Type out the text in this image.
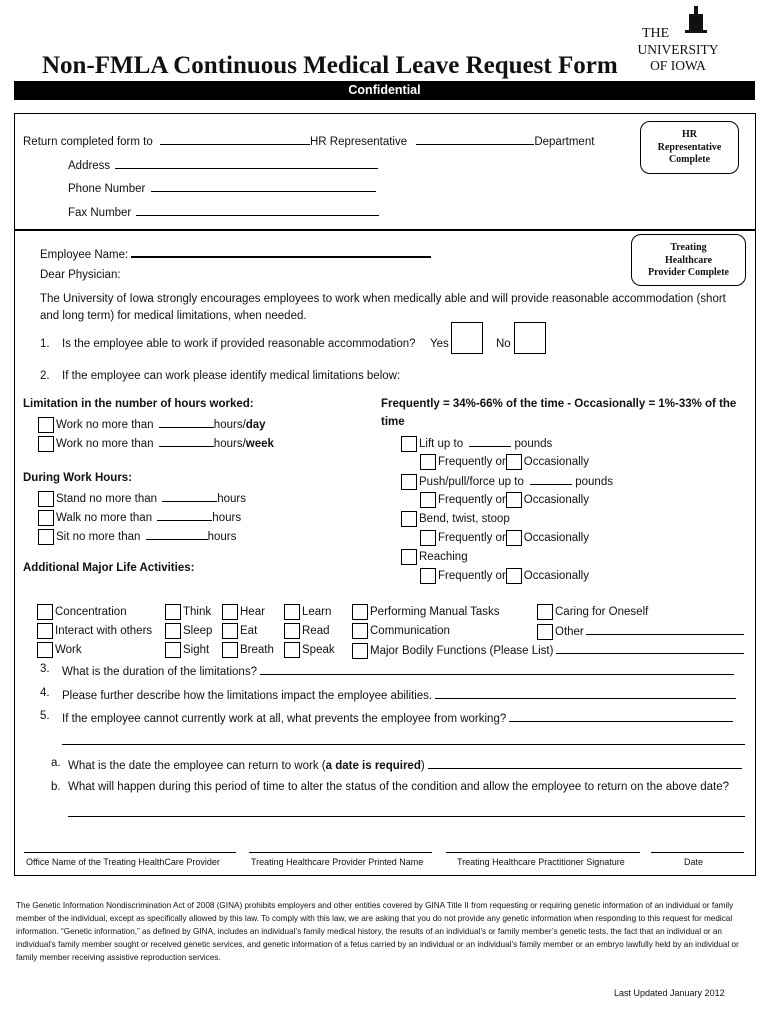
Non-FMLA Continuous Medical Leave Request Form
THE
UNIVERSITY
OF IOWA
Confidential
Return completed form to	HR Representative	Department
Address
Phone Number
Fax Number
HR
Representative
Complete
Treating
Healthcare
Provider Complete
Employee Name:
Dear Physician:
The University of Iowa strongly encourages employees to work when medically able and will provide reasonable accommodation (short
and long term) for medical limitations, when needed.
1. Is the employee able to work if provided reasonable accommodation? Yes	No
2. If the employee can work please identify medical limitations below:
Limitation in the number of hours worked:
Work no more than	hours/day
Work no more than	hours/week
During Work Hours:
Stand no more than	hours
Walk no more than	hours
Sit no more than	hours
Additional Major Life Activities:
Frequently = 34%-66% of the time - Occasionally = 1%-33% of the
time
Lift up to	pounds
Frequently or Occasionally
Push/pull/force up to	pounds
Frequently or Occasionally
Bend, twist, stoop
Frequently or Occasionally
Reaching
Frequently or Occasionally
Concentration	Think	Hear	Learn	Performing Manual Tasks	Caring for Oneself
Interact with others	Sleep	Eat	Read	Communication	Other
Work	Sight	Breath	Speak	Major Bodily Functions (Please List)
3. What is the duration of the limitations?
4. Please further describe how the limitations impact the employee abilities.
5. If the employee cannot currently work at all, what prevents the employee from working?
a. What is the date the employee can return to work (a date is required)
b. What will happen during this period of time to alter the status of the condition and allow the employee to return on the above date?
Office Name of the Treating HealthCare Provider	Treating Healthcare Provider Printed Name	Treating Healthcare Practitioner Signature	Date
The Genetic Information Nondiscrimination Act of 2008 (GINA) prohibits employers and other entities covered by GINA Title II from requesting or requiring genetic information of an individual or family
member of the individual, except as specifically allowed by this law. To comply with this law, we are asking that you do not provide any genetic information when responding to this request for medical
information. “Genetic information,” as defined by GINA, includes an individual’s family medical history, the results of an individual’s or family member’s genetic tests, the fact that an individual or an
individual’s family member sought or received genetic services, and genetic information of a fetus carried by an individual or an individual’s family member or an embryo lawfully held by an individual or
family member receiving assistive reproduction services.
Last Updated January 2012
